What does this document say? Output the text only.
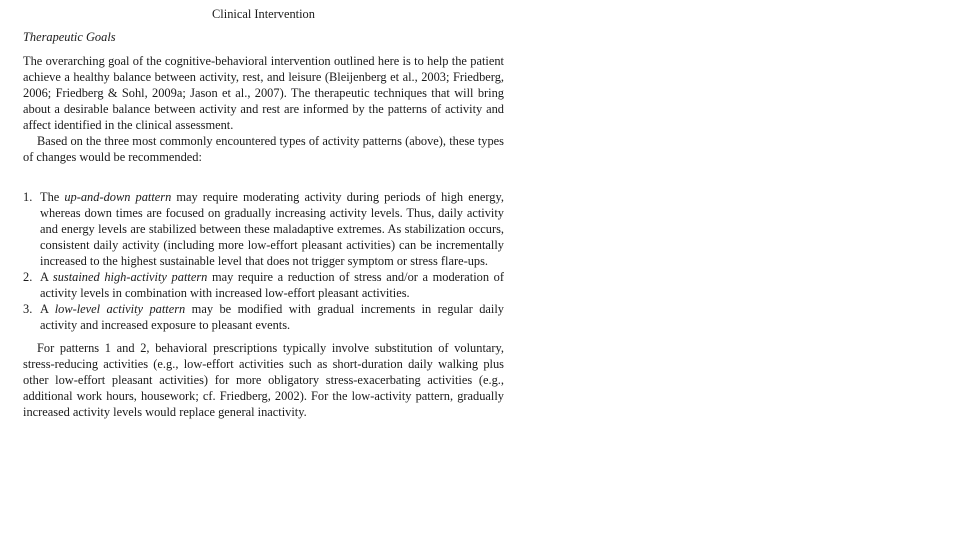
Clinical Intervention
Therapeutic Goals

The overarching goal of the cognitive-behavioral intervention outlined here is to help the patient achieve a healthy balance between activity, rest, and leisure (Bleijenberg et al., 2003; Friedberg, 2006; Friedberg & Sohl, 2009a; Jason et al., 2007). The therapeutic techniques that will bring about a desirable balance between activity and rest are informed by the patterns of activity and affect identified in the clinical assessment.

Based on the three most commonly encountered types of activity patterns (above), these types of changes would be recommended:

1. The up-and-down pattern may require moderating activity during periods of high energy, whereas down times are focused on gradually increasing activity levels. Thus, daily activity and energy levels are stabilized between these maladaptive extremes. As stabilization occurs, consistent daily activity (including more low-effort pleasant activities) can be incrementally increased to the highest sustainable level that does not trigger symptom or stress flare-ups.
2. A sustained high-activity pattern may require a reduction of stress and/or a moderation of activity levels in combination with increased low-effort pleasant activities.
3. A low-level activity pattern may be modified with gradual increments in regular daily activity and increased exposure to pleasant events.

For patterns 1 and 2, behavioral prescriptions typically involve substitution of voluntary, stress-reducing activities (e.g., low-effort activities such as short-duration daily walking plus other low-effort pleasant activities) for more obligatory stress-exacerbating activities (e.g., additional work hours, housework; cf. Friedberg, 2002). For the low-activity pattern, gradually increased activity levels would replace general inactivity.
